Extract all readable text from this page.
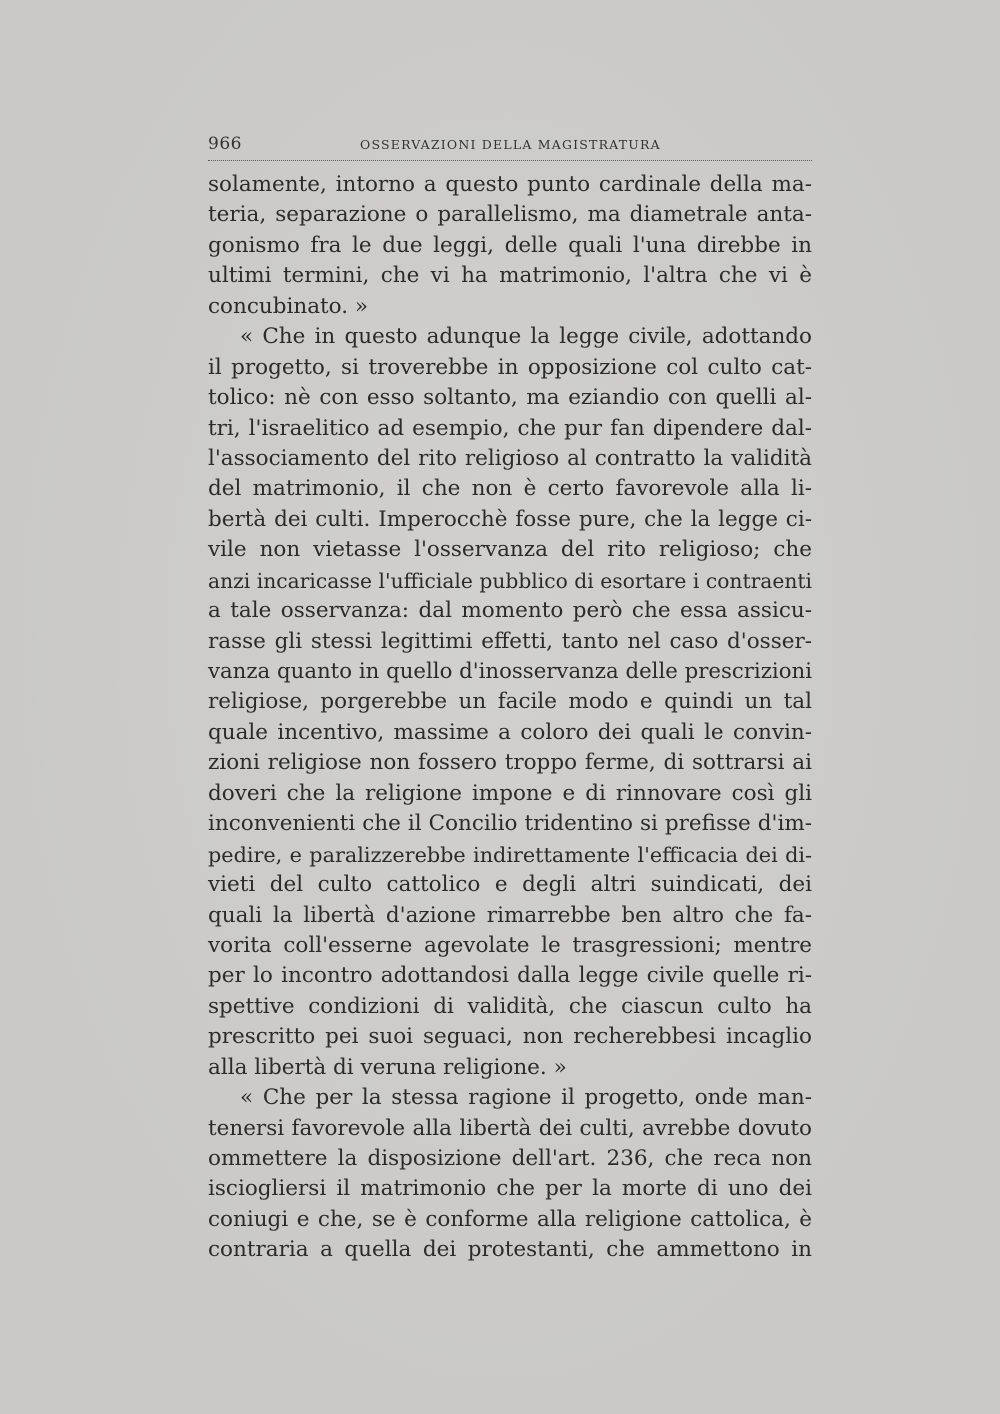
966	OSSERVAZIONI DELLA MAGISTRATURA
solamente, intorno a questo punto cardinale della ma-
teria, separazione o parallelismo, ma diametrale anta-
gonismo fra le due leggi, delle quali l'una direbbe in
ultimi termini, che vi ha matrimonio, l'altra che vi è
concubinato. »
« Che in questo adunque la legge civile, adottando
il progetto, si troverebbe in opposizione col culto cat-
tolico: nè con esso soltanto, ma eziandio con quelli al-
tri, l'israelitico ad esempio, che pur fan dipendere dal-
l'associamento del rito religioso al contratto la validità
del matrimonio, il che non è certo favorevole alla li-
bertà dei culti. Imperocchè fosse pure, che la legge ci-
vile non vietasse l'osservanza del rito religioso; che
anzi incaricasse l'ufficiale pubblico di esortare i contraenti
a tale osservanza: dal momento però che essa assicu-
rasse gli stessi legittimi effetti, tanto nel caso d'osser-
vanza quanto in quello d'inosservanza delle prescrizioni
religiose, porgerebbe un facile modo e quindi un tal
quale incentivo, massime a coloro dei quali le convin-
zioni religiose non fossero troppo ferme, di sottrarsi ai
doveri che la religione impone e di rinnovare così gli
inconvenienti che il Concilio tridentino si prefisse d'im-
pedire, e paralizzerebbe indirettamente l'efficacia dei di-
vieti del culto cattolico e degli altri suindicati, dei
quali la libertà d'azione rimarrebbe ben altro che fa-
vorita coll'esserne agevolate le trasgressioni; mentre
per lo incontro adottandosi dalla legge civile quelle ri-
spettive condizioni di validità, che ciascun culto ha
prescritto pei suoi seguaci, non recherebbesi incaglio
alla libertà di veruna religione. »
« Che per la stessa ragione il progetto, onde man-
tenersi favorevole alla libertà dei culti, avrebbe dovuto
ommettere la disposizione dell'art. 236, che reca non
isciogliersi il matrimonio che per la morte di uno dei
coniugi e che, se è conforme alla religione cattolica, è
contraria a quella dei protestanti, che ammettono in
